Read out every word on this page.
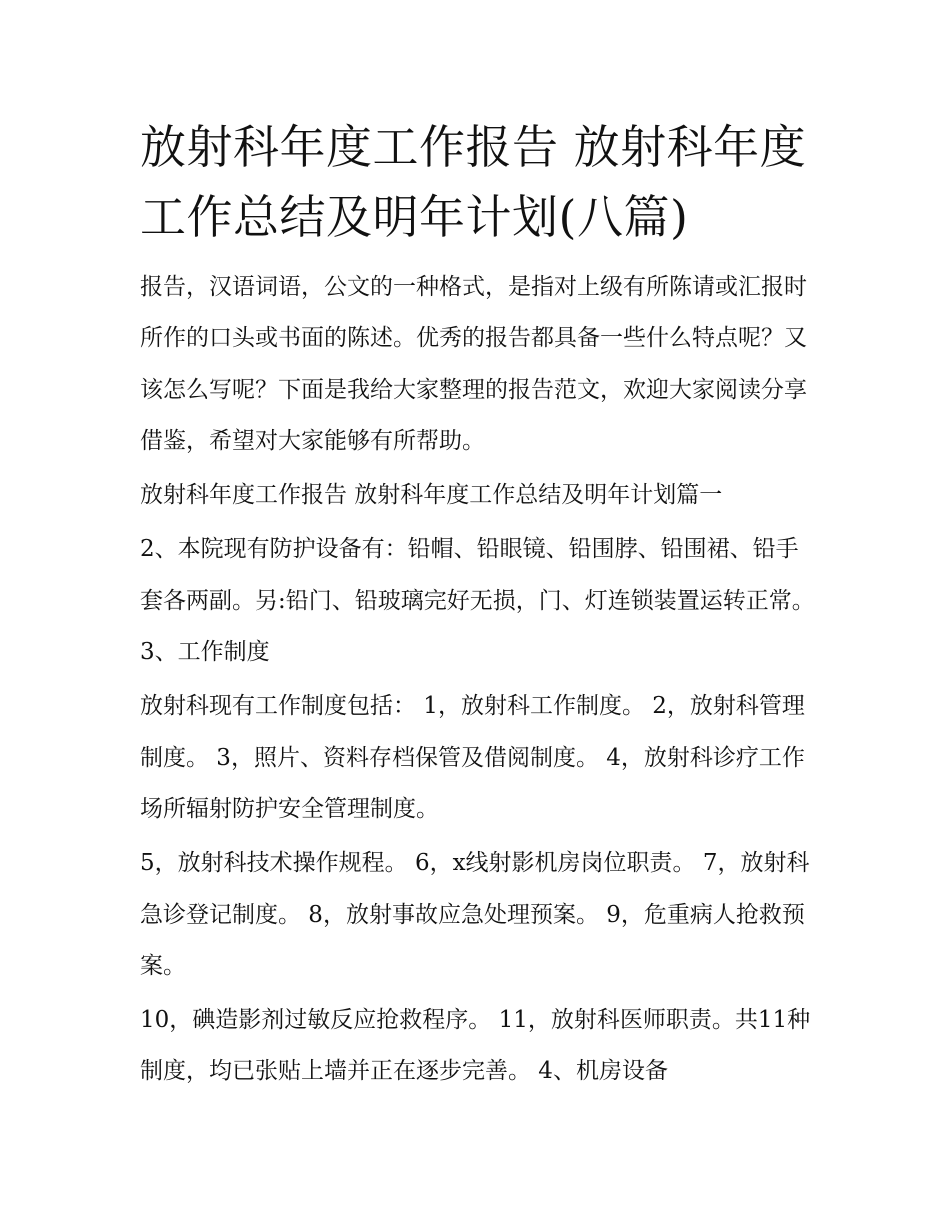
放射科年度工作报告 放射科年度工作总结及明年计划(八篇)

报告，汉语词语，公文的一种格式，是指对上级有所陈请或汇报时所作的口头或书面的陈述。优秀的报告都具备一些什么特点呢？又该怎么写呢？下面是我给大家整理的报告范文，欢迎大家阅读分享借鉴，希望对大家能够有所帮助。

放射科年度工作报告 放射科年度工作总结及明年计划篇一

2、本院现有防护设备有：铅帽、铅眼镜、铅围脖、铅围裙、铅手套各两副。另:铅门、铅玻璃完好无损，门、灯连锁装置运转正常。 3、工作制度

放射科现有工作制度包括： 1，放射科工作制度。 2，放射科管理制度。 3，照片、资料存档保管及借阅制度。 4，放射科诊疗工作场所辐射防护安全管理制度。

5，放射科技术操作规程。 6，x线射影机房岗位职责。 7，放射科急诊登记制度。 8，放射事故应急处理预案。 9，危重病人抢救预案。

10，碘造影剂过敏反应抢救程序。 11，放射科医师职责。共11种制度，均已张贴上墙并正在逐步完善。 4、机房设备
